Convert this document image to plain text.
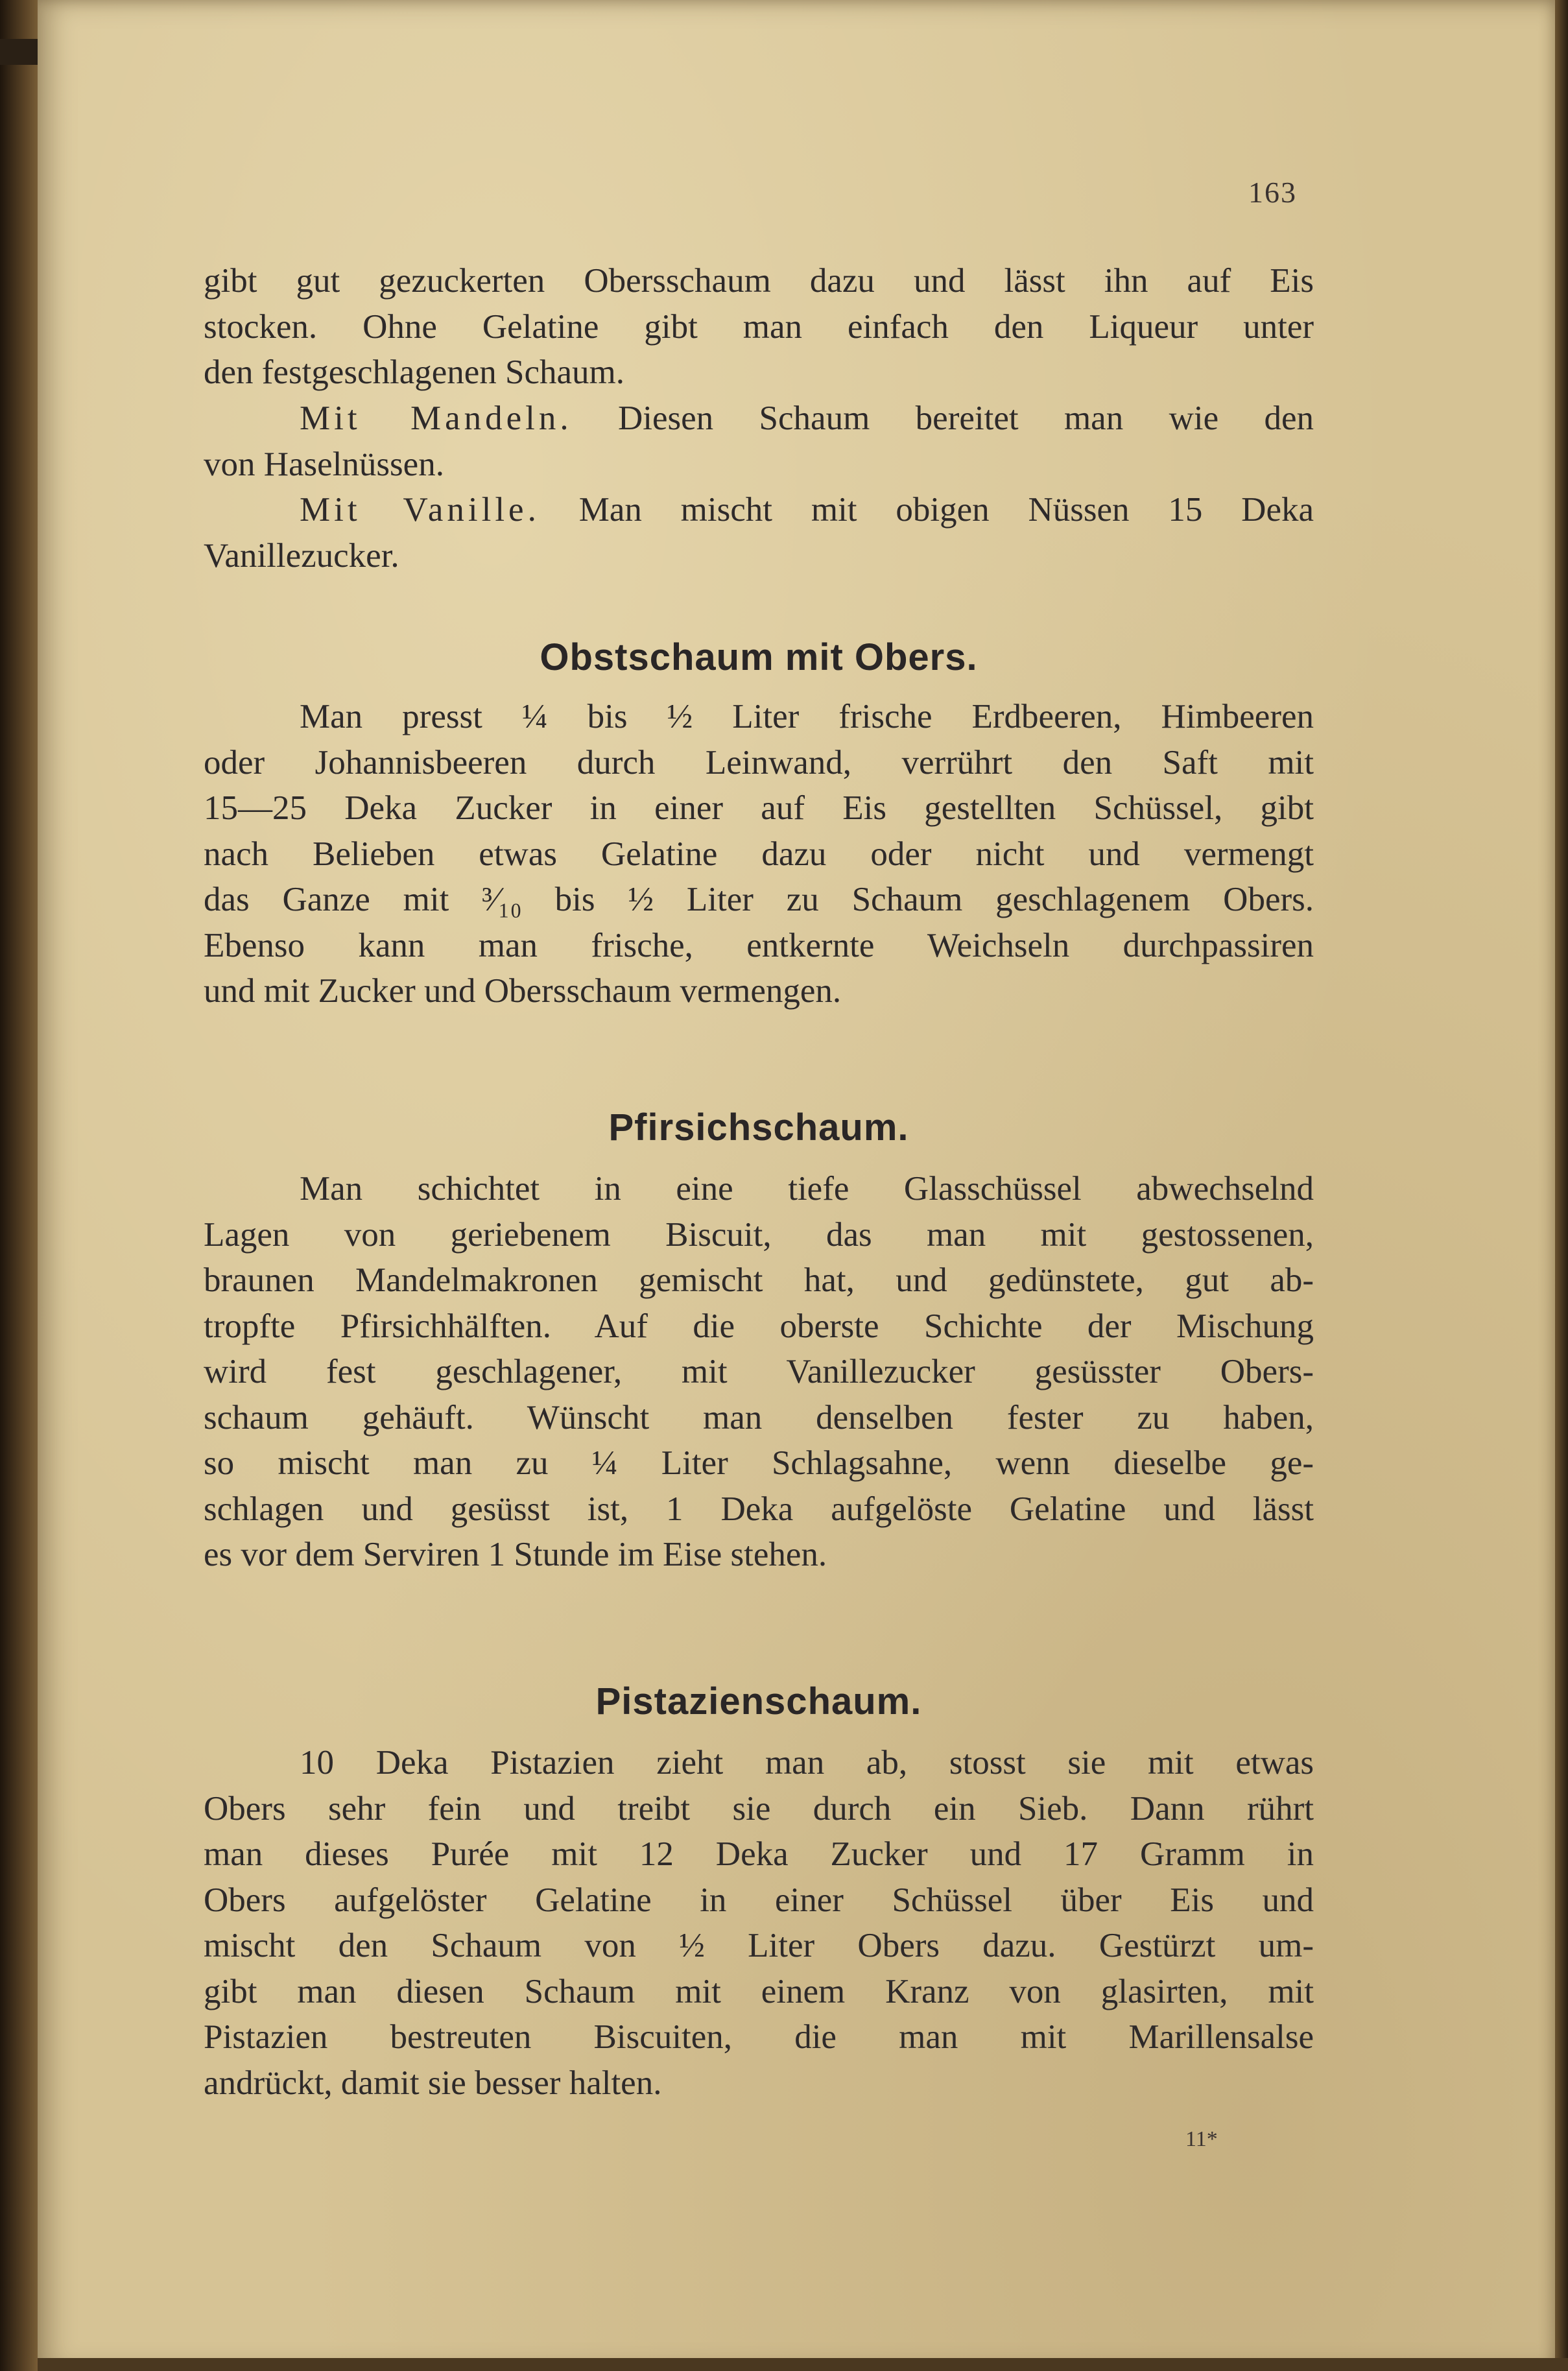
163
gibt gut gezuckerten Obersschaum dazu und lässt ihn auf Eis
stocken. Ohne Gelatine gibt man einfach den Liqueur unter
den festgeschlagenen Schaum.
Mit Mandeln. Diesen Schaum bereitet man wie den
von Haselnüssen.
Mit Vanille. Man mischt mit obigen Nüssen 15 Deka
Vanillezucker.
Obstschaum mit Obers.
Man presst ¼ bis ½ Liter frische Erdbeeren, Himbeeren
oder Johannisbeeren durch Leinwand, verrührt den Saft mit
15—25 Deka Zucker in einer auf Eis gestellten Schüssel, gibt
nach Belieben etwas Gelatine dazu oder nicht und vermengt
das Ganze mit ³⁄₁₀ bis ½ Liter zu Schaum geschlagenem Obers.
Ebenso kann man frische, entkernte Weichseln durchpassiren
und mit Zucker und Obersschaum vermengen.
Pfirsichschaum.
Man schichtet in eine tiefe Glasschüssel abwechselnd
Lagen von geriebenem Biscuit, das man mit gestossenen,
braunen Mandelmakronen gemischt hat, und gedünstete, gut ab-
tropfte Pfirsichhälften. Auf die oberste Schichte der Mischung
wird fest geschlagener, mit Vanillezucker gesüsster Obers-
schaum gehäuft. Wünscht man denselben fester zu haben,
so mischt man zu ¼ Liter Schlagsahne, wenn dieselbe ge-
schlagen und gesüsst ist, 1 Deka aufgelöste Gelatine und lässt
es vor dem Serviren 1 Stunde im Eise stehen.
Pistazienschaum.
10 Deka Pistazien zieht man ab, stosst sie mit etwas
Obers sehr fein und treibt sie durch ein Sieb. Dann rührt
man dieses Purée mit 12 Deka Zucker und 17 Gramm in
Obers aufgelöster Gelatine in einer Schüssel über Eis und
mischt den Schaum von ½ Liter Obers dazu. Gestürzt um-
gibt man diesen Schaum mit einem Kranz von glasirten, mit
Pistazien bestreuten Biscuiten, die man mit Marillensalse
andrückt, damit sie besser halten.
11*
